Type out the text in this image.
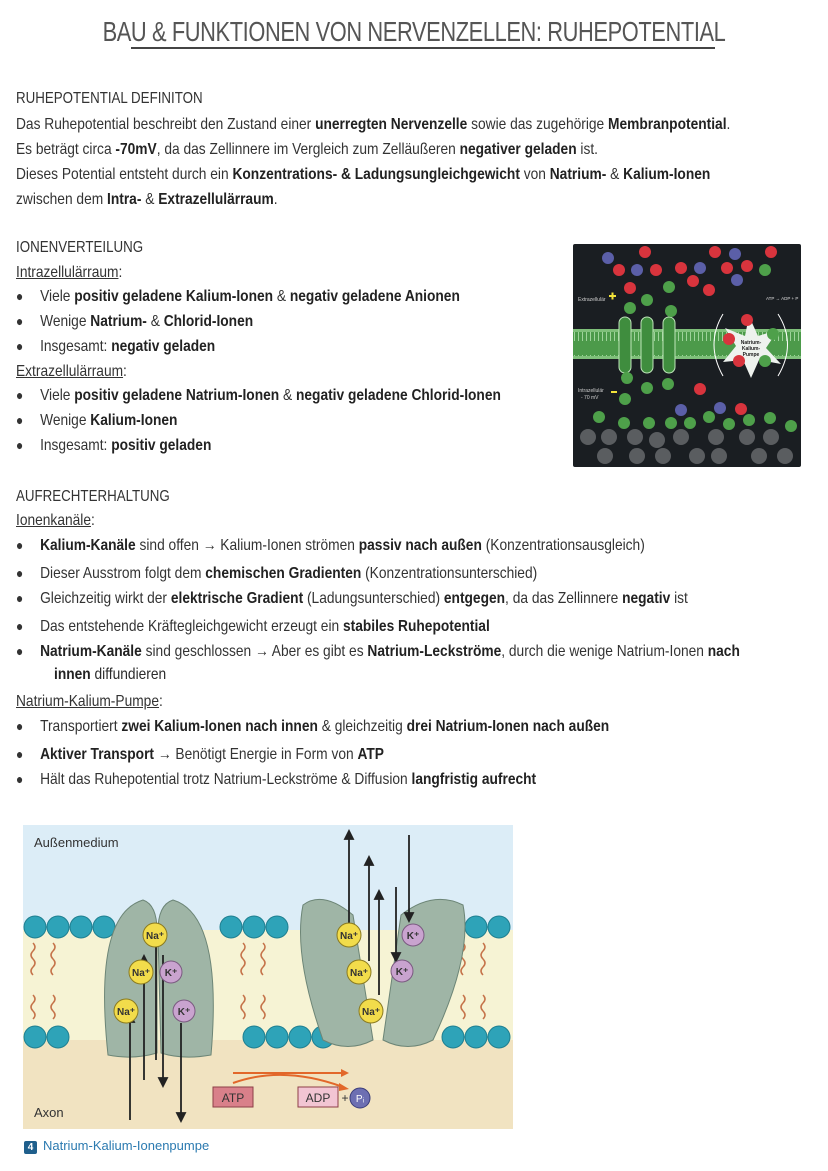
BAU & FUNKTIONEN VON NERVENZELLEN: RUHEPOTENTIAL
RUHEPOTENTIAL DEFINITON
Das Ruhepotential beschreibt den Zustand einer unerregten Nervenzelle sowie das zugehörige Membranpotential.
Es beträgt circa -70mV, da das Zellinnere im Vergleich zum Zelläußeren negativer geladen ist.
Dieses Potential entsteht durch ein Konzentrations- & Ladungsungleichgewicht von Natrium- & Kalium-Ionen
zwischen dem Intra- & Extrazellulärraum.
IONENVERTEILUNG
Intrazellulärraum:
● Viele positiv geladene Kalium-Ionen & negativ geladene Anionen
● Wenige Natrium- & Chlorid-Ionen
● Insgesamt: negativ geladen
Extrazellulärraum:
● Viele positiv geladene Natrium-Ionen & negativ geladene Chlorid-Ionen
● Wenige Kalium-Ionen
● Insgesamt: positiv geladen
Natrium-
Kalium-
Pumpe
Extrazellulär
Intrazellulär
- 70 mV
ATP → ADP + P
AUFRECHTERHALTUNG
Ionenkanäle:
● Kalium-Kanäle sind offen → Kalium-Ionen strömen passiv nach außen (Konzentrationsausgleich)
● Dieser Ausstrom folgt dem chemischen Gradienten (Konzentrationsunterschied)
● Gleichzeitig wirkt der elektrische Gradient (Ladungsunterschied) entgegen, da das Zellinnere negativ ist
● Das entstehende Kräftegleichgewicht erzeugt ein stabiles Ruhepotential
● Natrium-Kanäle sind geschlossen → Aber es gibt es Natrium-Leckströme, durch die wenige Natrium-Ionen nach
innen diffundieren
Natrium-Kalium-Pumpe:
● Transportiert zwei Kalium-Ionen nach innen & gleichzeitig drei Natrium-Ionen nach außen
● Aktiver Transport → Benötigt Energie in Form von ATP
● Hält das Ruhepotential trotz Natrium-Leckströme & Diffusion langfristig aufrecht
Na⁺
Na⁺
Na⁺
K⁺
K⁺
Na⁺
Na⁺
Na⁺
K⁺
K⁺
ATP	ADP + Pᵢ
Außenmedium
Axon
4 Natrium-Kalium-Ionenpumpe
